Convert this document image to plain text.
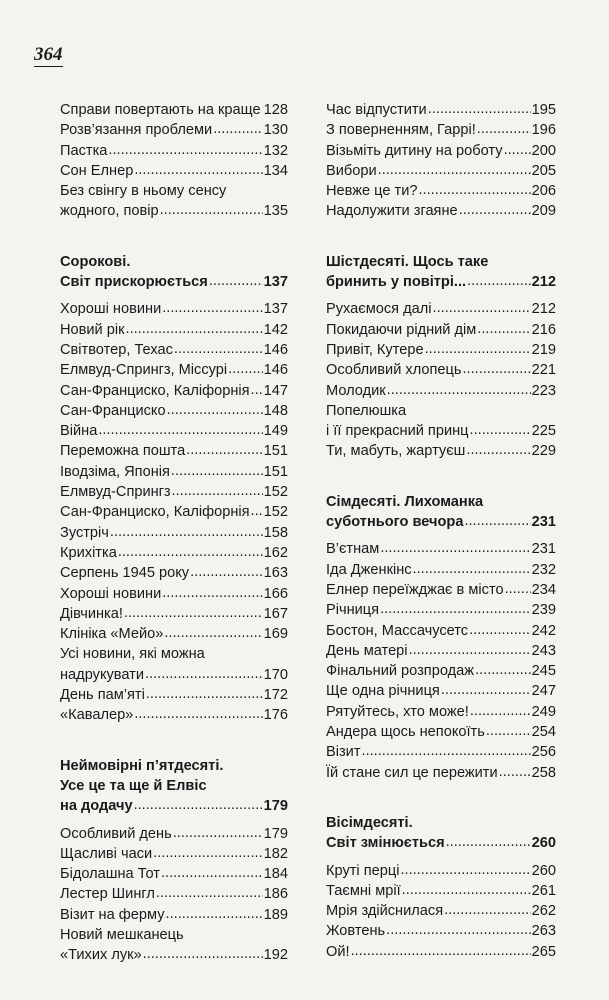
364
Справи повертають на краще ..... 128
Розв’язання проблеми .....	130
Пастка .....	132
Сон Елнер .....	134
Без свінгу в ньому сенсу
жодного, повір .....	135
Сорокові.
Світ прискорюється .....	137
Хороші новини .....	137
Новий рік .....	142
Світвотер, Техас .....	146
Елмвуд-Спрингз, Міссурі .....	146
Сан-Франциско, Каліфорнія ..... 147
Сан-Франциско .....	148
Війна .....	149
Переможна пошта .....	151
Іводзіма, Японія .....	151
Елмвуд-Спрингз .....	152
Сан-Франциско, Каліфорнія ..... 152
Зустріч .....	158
Крихітка .....	162
Серпень 1945 року .....	163
Хороші новини .....	166
Дівчинка! .....	167
Клініка «Мейо» .....	169
Усі новини, які можна
надрукувати .....	170
День пам’яті .....	172
«Кавалер» .....	176
Неймовірні п’ятдесяті.
Усе це та ще й Елвіс
на додачу .....	179
Особливий день .....	179
Щасливі часи .....	182
Бідолашна Тот .....	184
Лестер Шингл .....	186
Візит на ферму .....	189
Новий мешканець
«Тихих лук» .....	192
Час відпустити .....	195
З поверненням, Гаррі! .....	196
Візьміть дитину на роботу ..... 200
Вибори .....	205
Невже це ти? .....	206
Надолужити згаяне .....	209
Шістдесяті. Щось таке
бринить у повітрі... .....	212
Рухаємося далі .....	212
Покидаючи рідний дім .....	216
Привіт, Кутере .....	219
Особливий хлопець .....	221
Молодик .....	223
Попелюшка
і її прекрасний принц .....	225
Ти, мабуть, жартуєш .....	229
Сімдесяті. Лихоманка
суботнього вечора .....	231
В’єтнам .....	231
Іда Дженкінс .....	232
Елнер переїжджає в місто ..... 234
Річниця .....	239
Бостон, Массачусетс .....	242
День матері .....	243
Фінальний розпродаж .....	245
Ще одна річниця .....	247
Рятуйтесь, хто може! .....	249
Андера щось непокоїть .....	254
Візит .....	256
Їй стане сил це пережити ..... 258
Вісімдесяті.
Світ змінюється .....	260
Круті перці .....	260
Таємні мрії .....	261
Мрія здійснилася .....	262
Жовтень .....	263
Ой! .....	265
